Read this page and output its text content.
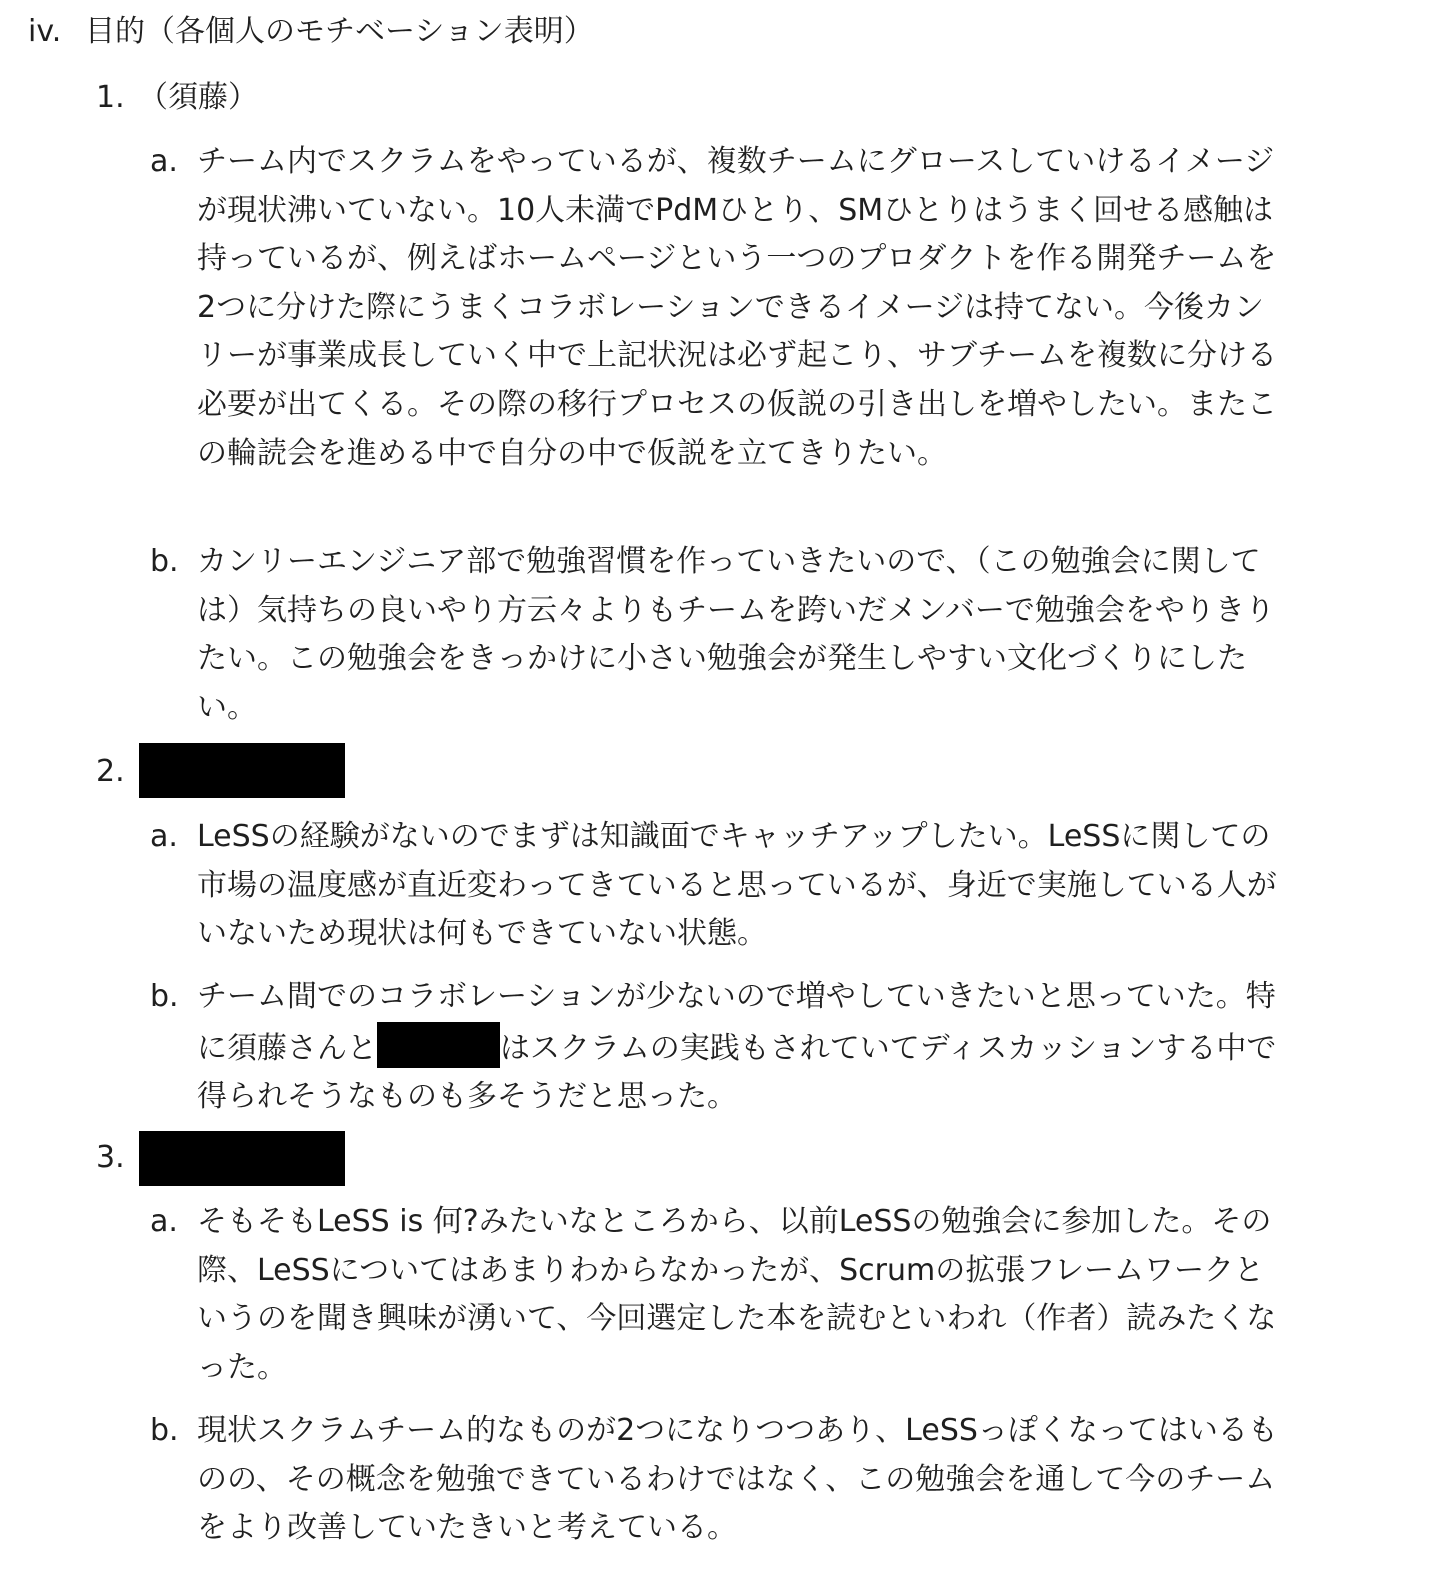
iv. 目的（各個人のモチベーション表明）
1. （須藤）
a. チーム内でスクラムをやっているが、複数チームにグロースしていけるイメージが現状沸いていない。10人未満でPdMひとり、SMひとりはうまく回せる感触は持っているが、例えばホームページという一つのプロダクトを作る開発チームを2つに分けた際にうまくコラボレーションできるイメージは持てない。今後カンリーが事業成長していく中で上記状況は必ず起こり、サブチームを複数に分ける必要が出てくる。その際の移行プロセスの仮説の引き出しを増やしたい。またこの輪読会を進める中で自分の中で仮説を立てきりたい。
b. カンリーエンジニア部で勉強習慣を作っていきたいので、（この勉強会に関しては）気持ちの良いやり方云々よりもチームを跨いだメンバーで勉強会をやりきりたい。この勉強会をきっかけに小さい勉強会が発生しやすい文化づくりにしたい。
2.
a. LeSSの経験がないのでまずは知識面でキャッチアップしたい。LeSSに関しての市場の温度感が直近変わってきていると思っているが、身近で実施している人がいないため現状は何もできていない状態。
b. チーム間でのコラボレーションが少ないので増やしていきたいと思っていた。特に須藤さんと	はスクラムの実践もされていてディスカッションする中で得られそうなものも多そうだと思った。
3.
a. そもそもLeSS is 何?みたいなところから、以前LeSSの勉強会に参加した。その際、LeSSについてはあまりわからなかったが、Scrumの拡張フレームワークというのを聞き興味が湧いて、今回選定した本を読むといわれ（作者）読みたくなった。
b. 現状スクラムチーム的なものが2つになりつつあり、LeSSっぽくなってはいるものの、その概念を勉強できているわけではなく、この勉強会を通して今のチームをより改善していたきいと考えている。
